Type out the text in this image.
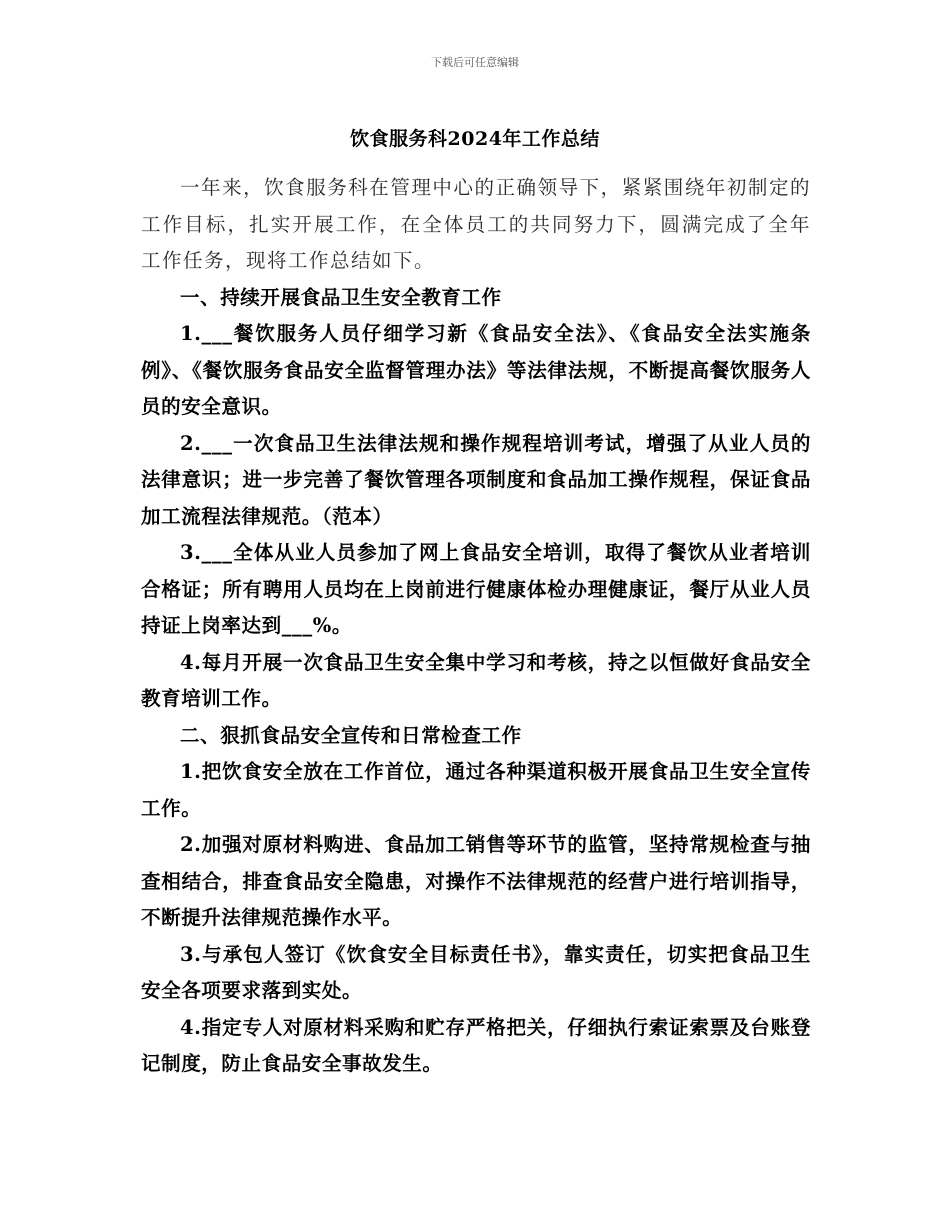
下载后可任意编辑
饮食服务科2024年工作总结

一年来，饮食服务科在管理中心的正确领导下，紧紧围绕年初制定的工作目标，扎实开展工作，在全体员工的共同努力下，圆满完成了全年工作任务，现将工作总结如下。

一、持续开展食品卫生安全教育工作

1.___餐饮服务人员仔细学习新《食品安全法》、《食品安全法实施条例》、《餐饮服务食品安全监督管理办法》等法律法规，不断提高餐饮服务人员的安全意识。

2.___一次食品卫生法律法规和操作规程培训考试，增强了从业人员的法律意识；进一步完善了餐饮管理各项制度和食品加工操作规程，保证食品加工流程法律规范。（范本）

3.___全体从业人员参加了网上食品安全培训，取得了餐饮从业者培训合格证；所有聘用人员均在上岗前进行健康体检办理健康证，餐厅从业人员持证上岗率达到___%。

4.每月开展一次食品卫生安全集中学习和考核，持之以恒做好食品安全教育培训工作。

二、狠抓食品安全宣传和日常检查工作

1.把饮食安全放在工作首位，通过各种渠道积极开展食品卫生安全宣传工作。

2.加强对原材料购进、食品加工销售等环节的监管，坚持常规检查与抽查相结合，排查食品安全隐患，对操作不法律规范的经营户进行培训指导，不断提升法律规范操作水平。

3.与承包人签订《饮食安全目标责任书》，靠实责任，切实把食品卫生安全各项要求落到实处。

4.指定专人对原材料采购和贮存严格把关，仔细执行索证索票及台账登记制度，防止食品安全事故发生。
